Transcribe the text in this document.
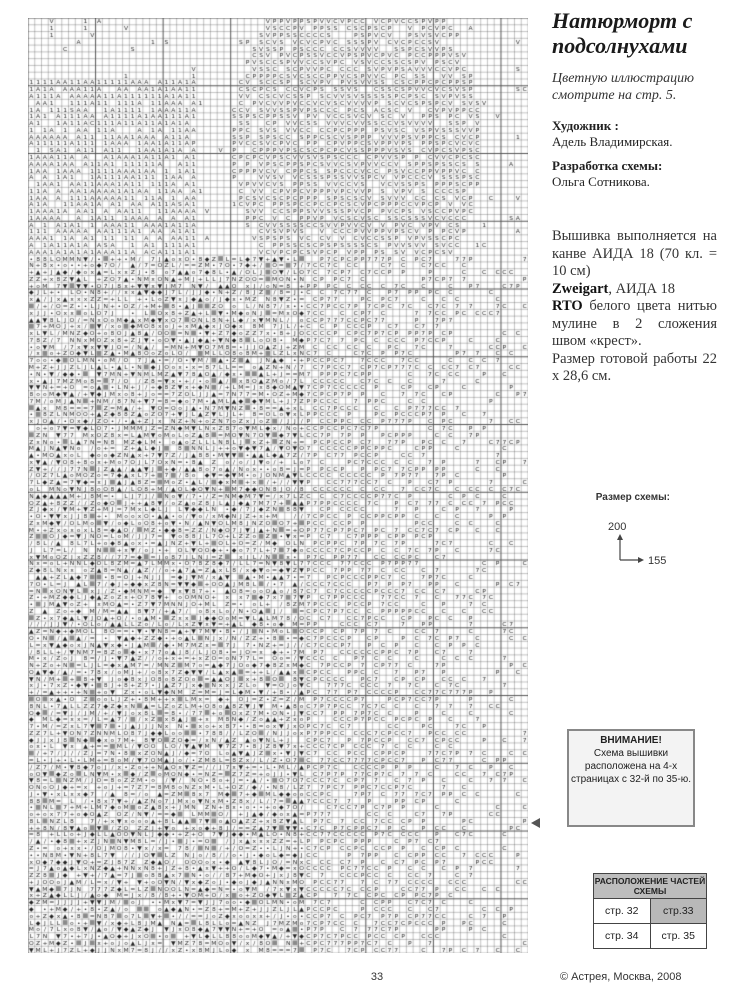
Натюрморт с подсолнухами
Цветную иллюстрацию смотрите на стр. 5.
Художник :
Адель Владимирская.
Разработка схемы:
Ольга Сотникова.
Вышивка выполняется на канве АИДА 18 (70 кл. = 10 см)
Zweigart, АИДА 18
RTO белого цвета нитью мулине в 2 сложения швом «крест».
Размер готовой работы 22 x 28,6 см.
Размер схемы:
200
155
ВНИМАНИЕ!
Схема вышивки расположена на 4-х страницах с 32-й по 35-ю.
РАСПОЛОЖЕНИЕ ЧАСТЕЙ СХЕМЫ
стр. 32	стр.33
стр. 34	стр. 35
33	© Астрея, Москва, 2008
